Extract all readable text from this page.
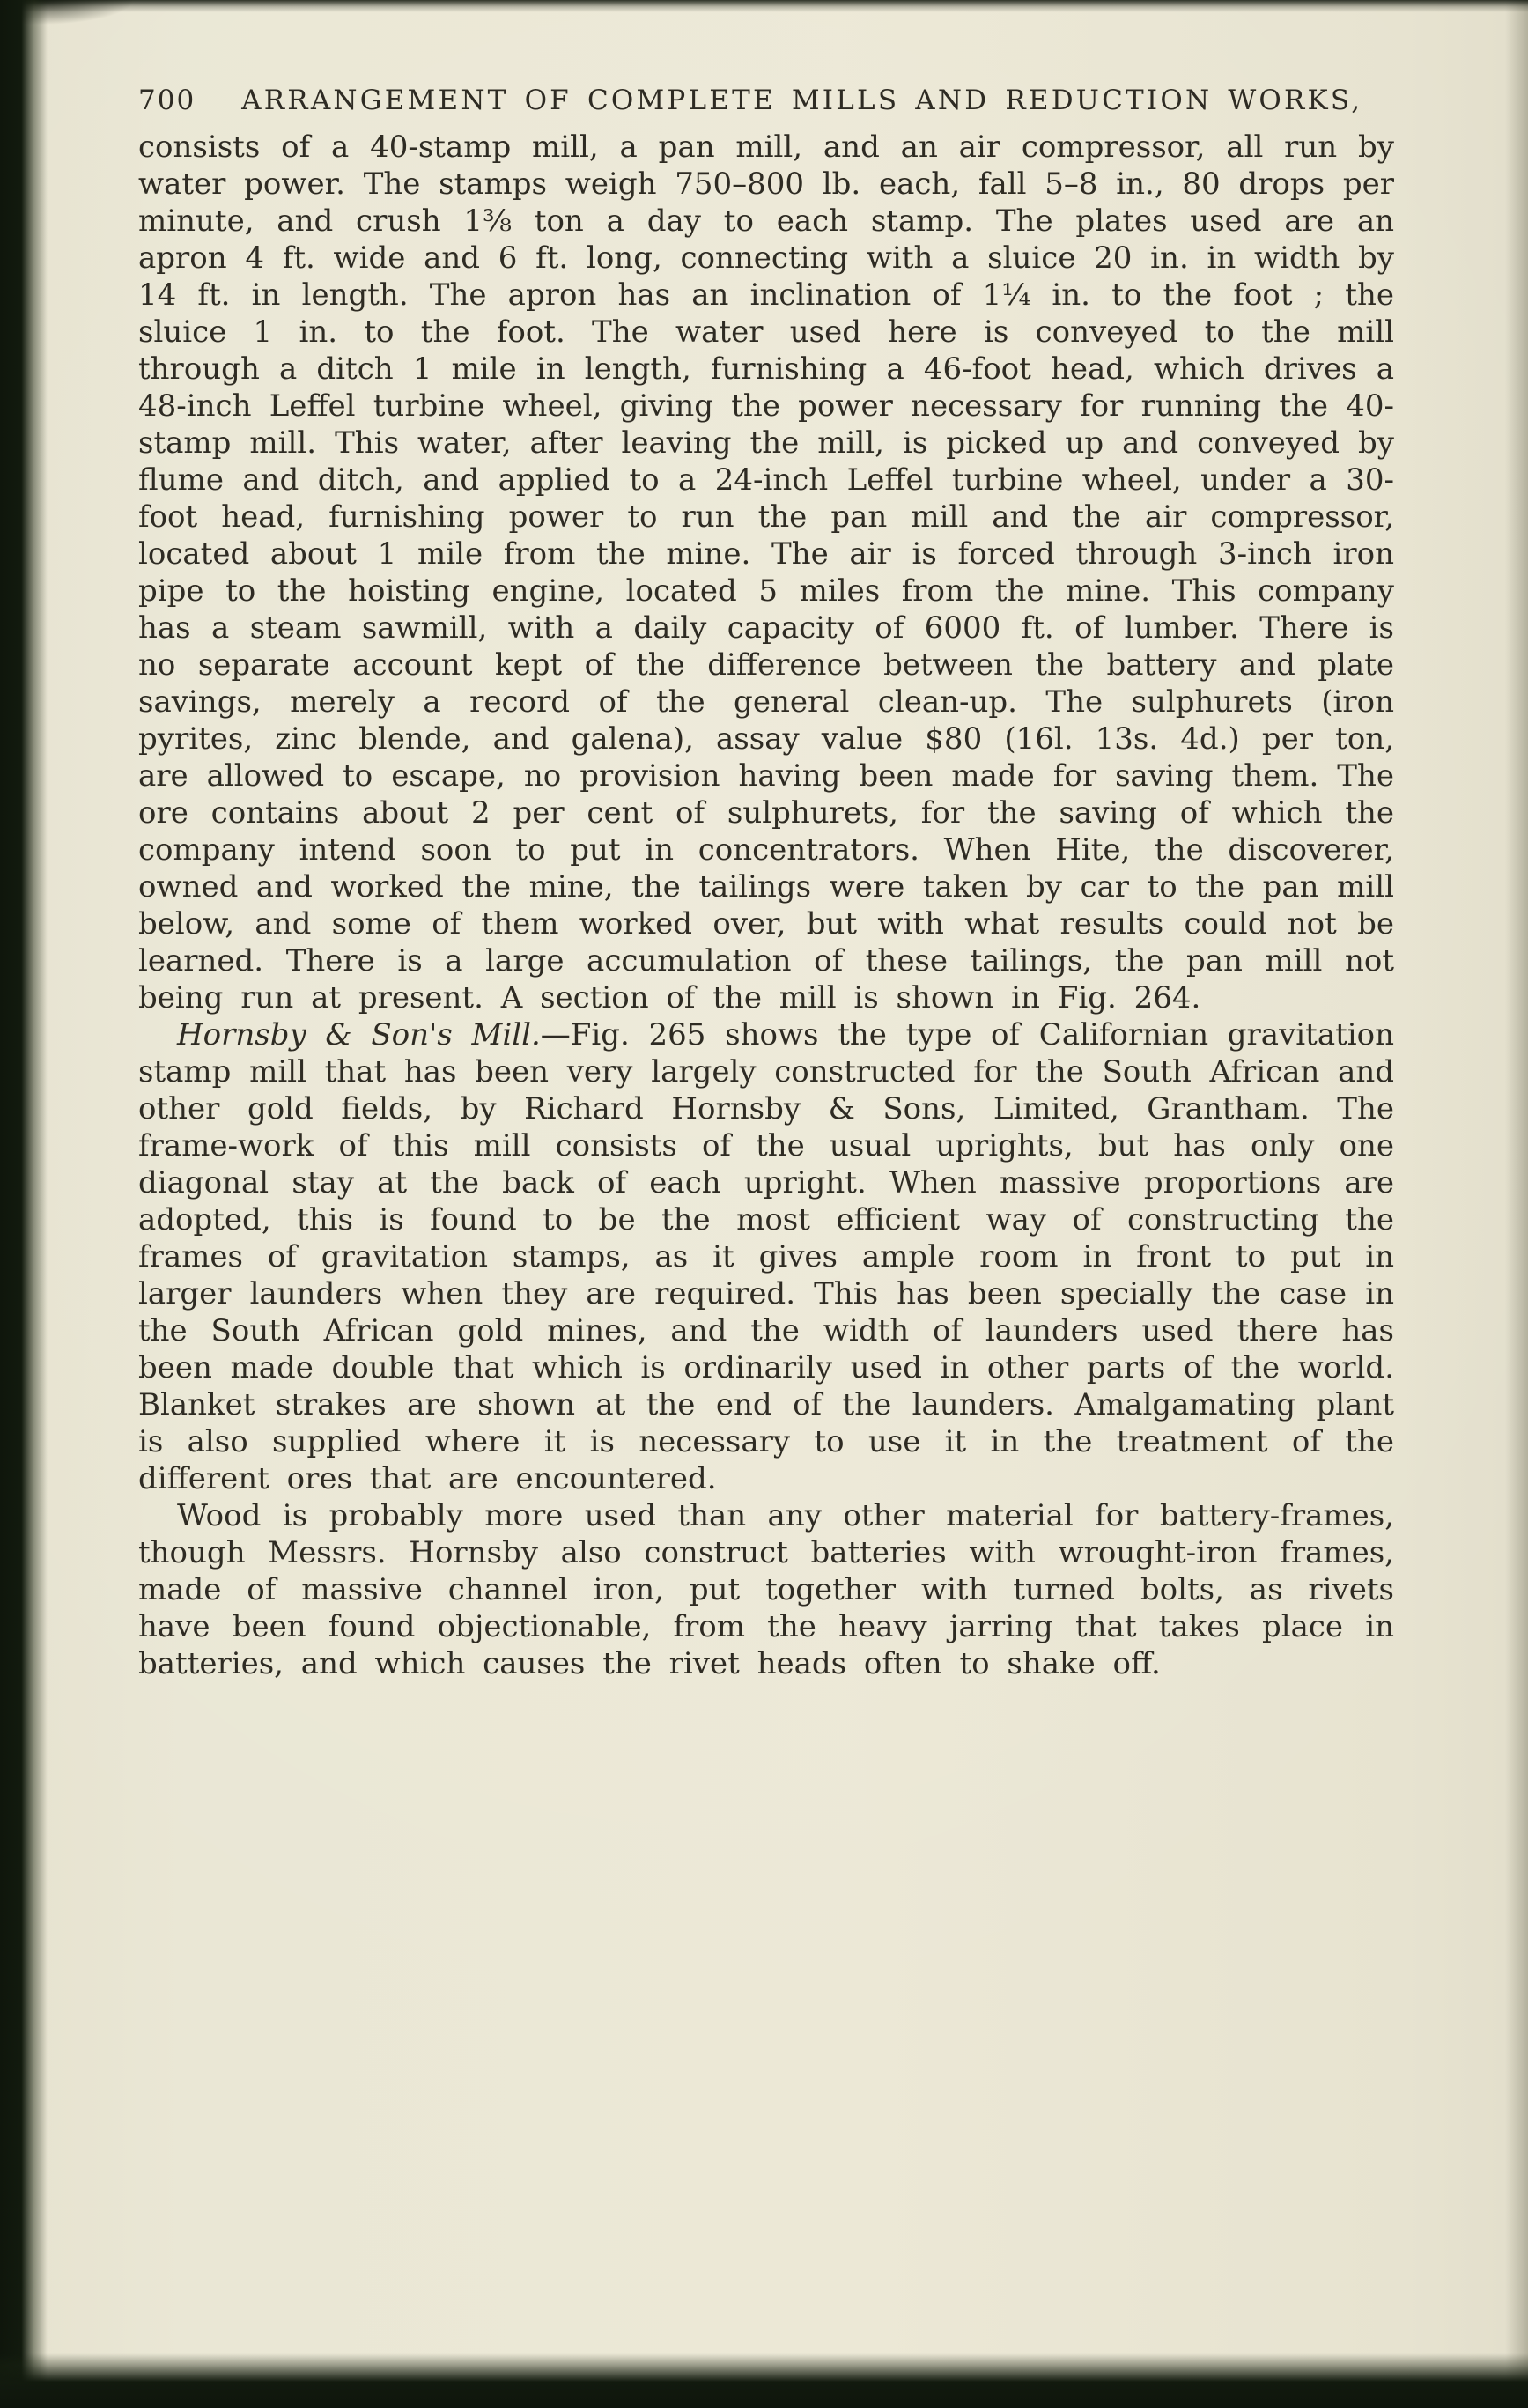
700 ARRANGEMENT OF COMPLETE MILLS AND REDUCTION WORKS,

consists of a 40-stamp mill, a pan mill, and an air compressor, all run by water power. The stamps weigh 750–800 lb. each, fall 5–8 in., 80 drops per minute, and crush 1⅜ ton a day to each stamp. The plates used are an apron 4 ft. wide and 6 ft. long, connecting with a sluice 20 in. in width by 14 ft. in length. The apron has an inclination of 1¼ in. to the foot ; the sluice 1 in. to the foot. The water used here is conveyed to the mill through a ditch 1 mile in length, furnishing a 46-foot head, which drives a 48-inch Leffel turbine wheel, giving the power necessary for running the 40-stamp mill. This water, after leaving the mill, is picked up and conveyed by flume and ditch, and applied to a 24-inch Leffel turbine wheel, under a 30-foot head, furnishing power to run the pan mill and the air compressor, located about 1 mile from the mine. The air is forced through 3-inch iron pipe to the hoisting engine, located 5 miles from the mine. This company has a steam sawmill, with a daily capacity of 6000 ft. of lumber. There is no separate account kept of the difference between the battery and plate savings, merely a record of the general clean-up. The sulphurets (iron pyrites, zinc blende, and galena), assay value $80 (16l. 13s. 4d.) per ton, are allowed to escape, no provision having been made for saving them. The ore contains about 2 per cent of sulphurets, for the saving of which the company intend soon to put in concentrators. When Hite, the discoverer, owned and worked the mine, the tailings were taken by car to the pan mill below, and some of them worked over, but with what results could not be learned. There is a large accumulation of these tailings, the pan mill not being run at present. A section of the mill is shown in Fig. 264.

Hornsby & Son's Mill.—Fig. 265 shows the type of Californian gravitation stamp mill that has been very largely constructed for the South African and other gold fields, by Richard Hornsby & Sons, Limited, Grantham. The frame-work of this mill consists of the usual uprights, but has only one diagonal stay at the back of each upright. When massive proportions are adopted, this is found to be the most efficient way of constructing the frames of gravitation stamps, as it gives ample room in front to put in larger launders when they are required. This has been specially the case in the South African gold mines, and the width of launders used there has been made double that which is ordinarily used in other parts of the world. Blanket strakes are shown at the end of the launders. Amalgamating plant is also supplied where it is necessary to use it in the treatment of the different ores that are encountered.

Wood is probably more used than any other material for battery-frames, though Messrs. Hornsby also construct batteries with wrought-iron frames, made of massive channel iron, put together with turned bolts, as rivets have been found objectionable, from the heavy jarring that takes place in batteries, and which causes the rivet heads often to shake off.
